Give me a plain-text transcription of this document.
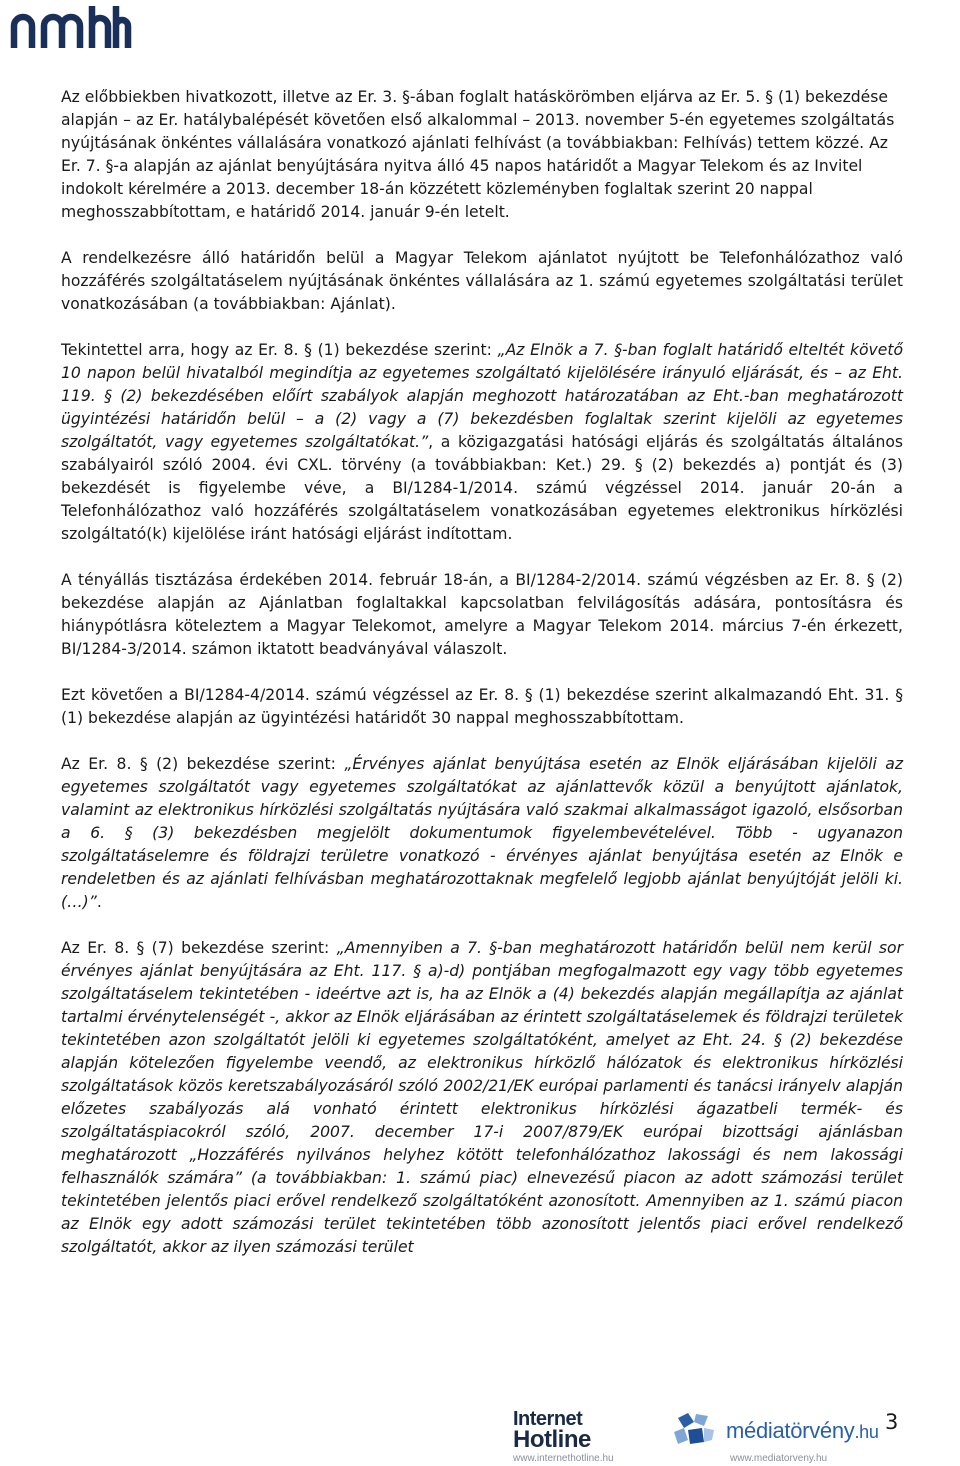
Az előbbiekben hivatkozott, illetve az Er. 3. §-ában foglalt hatáskörömben eljárva az Er. 5. § (1) bekezdése alapján – az Er. hatálybalépését követően első alkalommal – 2013. november 5-én egyetemes szolgáltatás nyújtásának önkéntes vállalására vonatkozó ajánlati felhívást (a továbbiakban: Felhívás) tettem közzé. Az Er. 7. §-a alapján az ajánlat benyújtására nyitva álló 45 napos határidőt a Magyar Telekom és az Invitel indokolt kérelmére a 2013. december 18-án közzétett közleményben foglaltak szerint 20 nappal meghosszabbítottam, e határidő 2014. január 9-én letelt.

A rendelkezésre álló határidőn belül a Magyar Telekom ajánlatot nyújtott be Telefonhálózathoz való hozzáférés szolgáltatáselem nyújtásának önkéntes vállalására az 1. számú egyetemes szolgáltatási terület vonatkozásában (a továbbiakban: Ajánlat).

Tekintettel arra, hogy az Er. 8. § (1) bekezdése szerint: „Az Elnök a 7. §-ban foglalt határidő elteltét követő 10 napon belül hivatalból megindítja az egyetemes szolgáltató kijelölésére irányuló eljárását, és – az Eht. 119. § (2) bekezdésében előírt szabályok alapján meghozott határozatában az Eht.-ban meghatározott ügyintézési határidőn belül – a (2) vagy a (7) bekezdésben foglaltak szerint kijelöli az egyetemes szolgáltatót, vagy egyetemes szolgáltatókat.”, a közigazgatási hatósági eljárás és szolgáltatás általános szabályairól szóló 2004. évi CXL. törvény (a továbbiakban: Ket.) 29. § (2) bekezdés a) pontját és (3) bekezdését is figyelembe véve, a BI/1284-1/2014. számú végzéssel 2014. január 20-án a Telefonhálózathoz való hozzáférés szolgáltatáselem vonatkozásában egyetemes elektronikus hírközlési szolgáltató(k) kijelölése iránt hatósági eljárást indítottam.

A tényállás tisztázása érdekében 2014. február 18-án, a BI/1284-2/2014. számú végzésben az Er. 8. § (2) bekezdése alapján az Ajánlatban foglaltakkal kapcsolatban felvilágosítás adására, pontosításra és hiánypótlásra köteleztem a Magyar Telekomot, amelyre a Magyar Telekom 2014. március 7-én érkezett, BI/1284-3/2014. számon iktatott beadványával válaszolt.

Ezt követően a BI/1284-4/2014. számú végzéssel az Er. 8. § (1) bekezdése szerint alkalmazandó Eht. 31. § (1) bekezdése alapján az ügyintézési határidőt 30 nappal meghosszabbítottam.

Az Er. 8. § (2) bekezdése szerint: „Érvényes ajánlat benyújtása esetén az Elnök eljárásában kijelöli az egyetemes szolgáltatót vagy egyetemes szolgáltatókat az ajánlattevők közül a benyújtott ajánlatok, valamint az elektronikus hírközlési szolgáltatás nyújtására való szakmai alkalmasságot igazoló, elsősorban a 6. § (3) bekezdésben megjelölt dokumentumok figyelembevételével. Több - ugyanazon szolgáltatáselemre és földrajzi területre vonatkozó - érvényes ajánlat benyújtása esetén az Elnök e rendeletben és az ajánlati felhívásban meghatározottaknak megfelelő legjobb ajánlat benyújtóját jelöli ki. (…)”.

Az Er. 8. § (7) bekezdése szerint: „Amennyiben a 7. §-ban meghatározott határidőn belül nem kerül sor érvényes ajánlat benyújtására az Eht. 117. § a)-d) pontjában megfogalmazott egy vagy több egyetemes szolgáltatáselem tekintetében - ideértve azt is, ha az Elnök a (4) bekezdés alapján megállapítja az ajánlat tartalmi érvénytelenségét -, akkor az Elnök eljárásában az érintett szolgáltatáselemek és földrajzi területek tekintetében azon szolgáltatót jelöli ki egyetemes szolgáltatóként, amelyet az Eht. 24. § (2) bekezdése alapján kötelezően figyelembe veendő, az elektronikus hírközlő hálózatok és elektronikus hírközlési szolgáltatások közös keretszabályozásáról szóló 2002/21/EK európai parlamenti és tanácsi irányelv alapján előzetes szabályozás alá vonható érintett elektronikus hírközlési ágazatbeli termék- és szolgáltatáspiacokról szóló, 2007. december 17-i 2007/879/EK európai bizottsági ajánlásban meghatározott „Hozzáférés nyilvános helyhez kötött telefonhálózathoz lakossági és nem lakossági felhasználók számára” (a továbbiakban: 1. számú piac) elnevezésű piacon az adott számozási terület tekintetében jelentős piaci erővel rendelkező szolgáltatóként azonosított. Amennyiben az 1. számú piacon az Elnök egy adott számozási terület tekintetében több azonosított jelentős piaci erővel rendelkező szolgáltatót, akkor az ilyen számozási terület

Internet
Hotline
www.internethotline.hu
médiatörvény.hu
www.mediatorveny.hu
3
